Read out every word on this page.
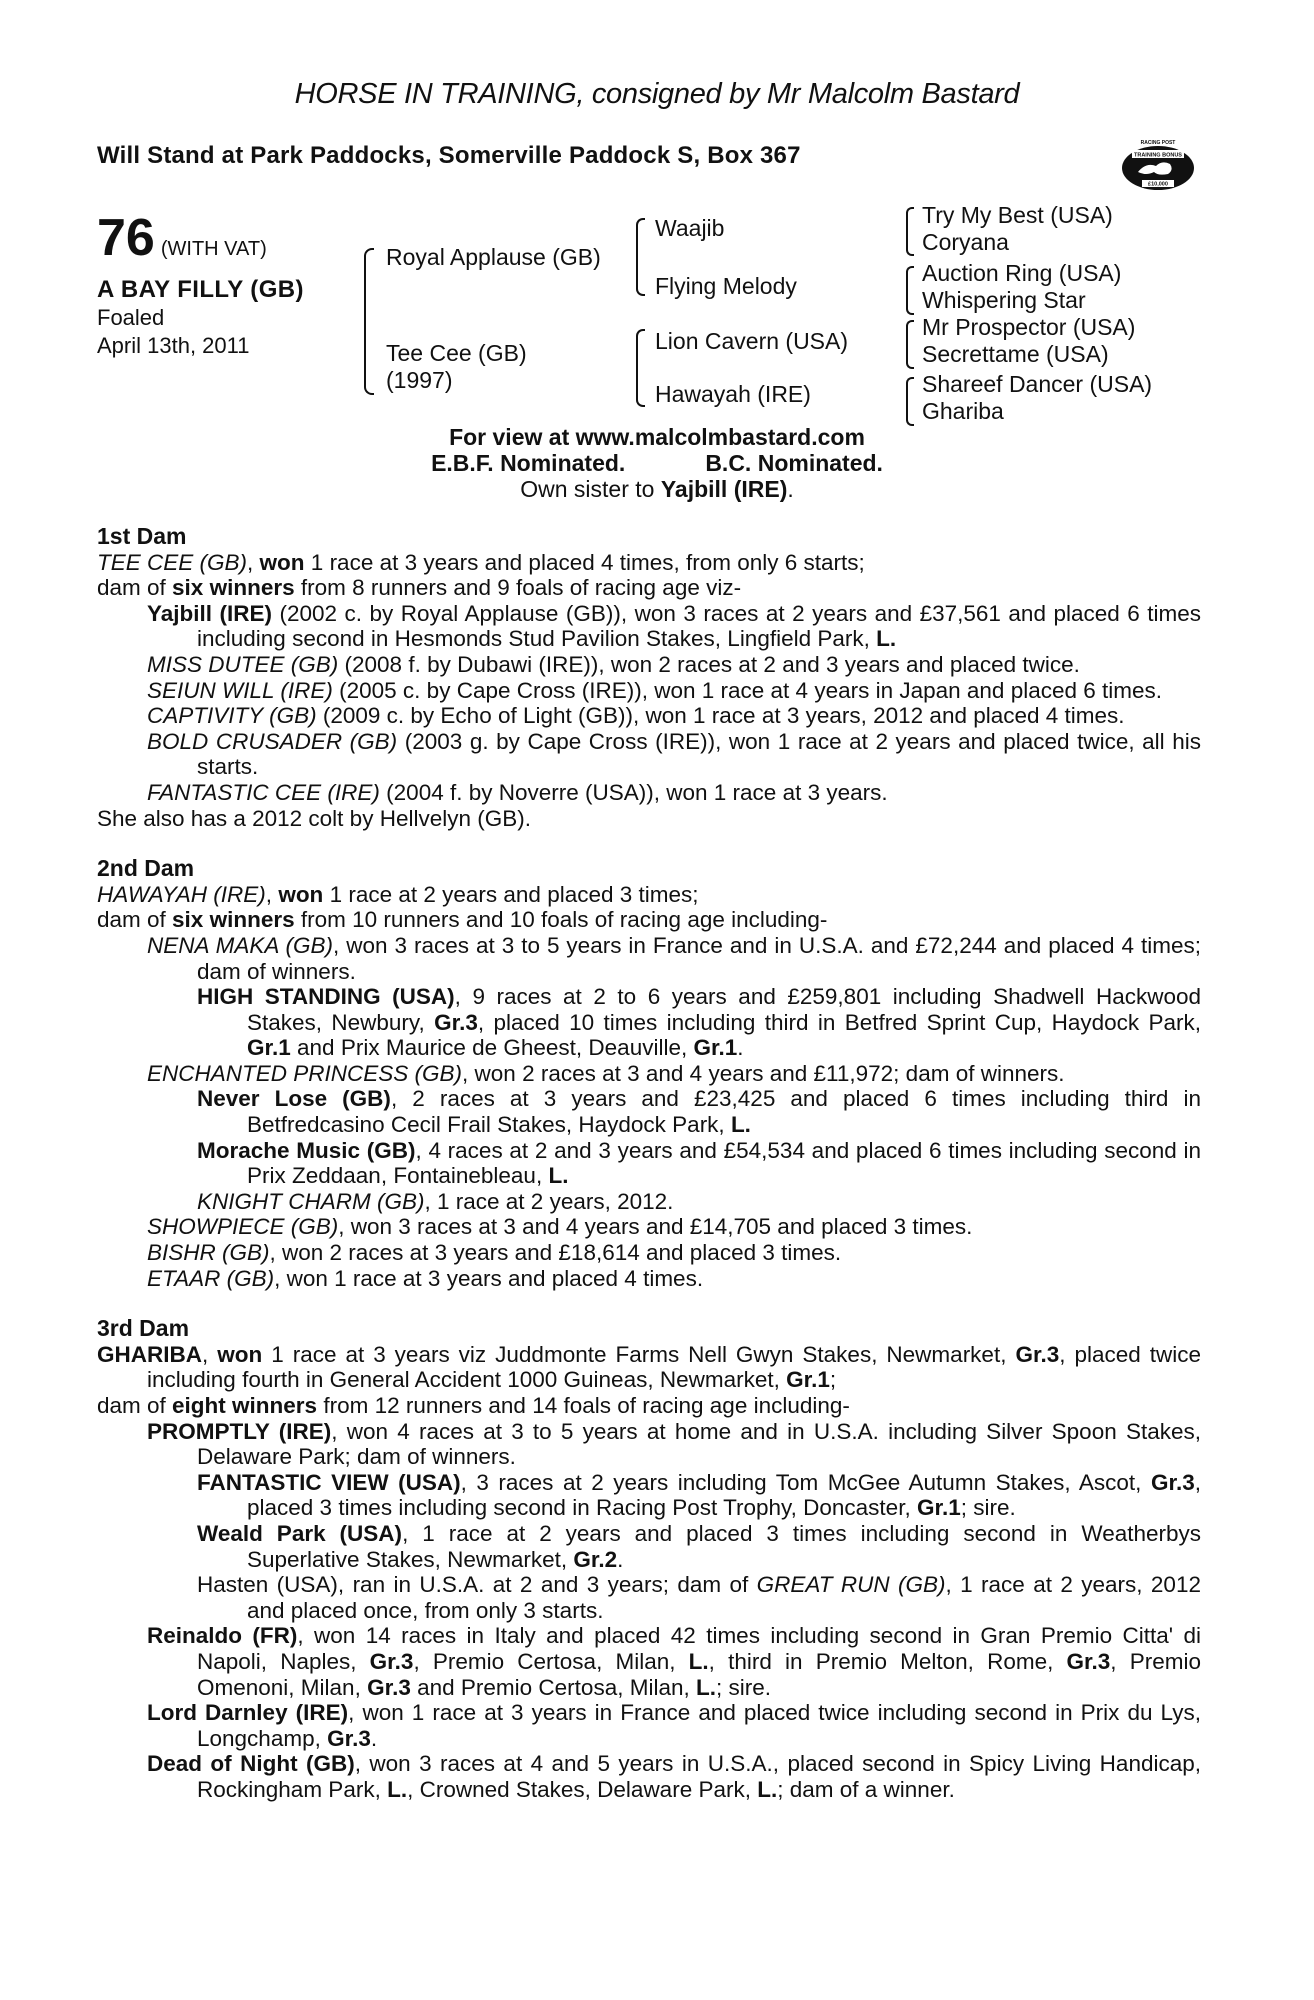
HORSE IN TRAINING, consigned by Mr Malcolm Bastard
Will Stand at Park Paddocks, Somerville Paddock S, Box 367	TRAINING BONUS
£10,000
RACING POST
76 (WITH VAT)
A BAY FILLY (GB)
Foaled
April 13th, 2011
Royal Applause (GB)
Tee Cee (GB)
(1997)
Waajib
Flying Melody
Lion Cavern (USA)
Hawayah (IRE)
Try My Best (USA)
Coryana
Auction Ring (USA)
Whispering Star
Mr Prospector (USA)
Secrettame (USA)
Shareef Dancer (USA)
Ghariba
For view at www.malcolmbastard.com
E.B.F. Nominated.	B.C. Nominated.
Own sister to Yajbill (IRE).
1st Dam

TEE CEE (GB), won 1 race at 3 years and placed 4 times, from only 6 starts;

dam of six winners from 8 runners and 9 foals of racing age viz-

Yajbill (IRE) (2002 c. by Royal Applause (GB)), won 3 races at 2 years and £37,561 and placed 6 times including second in Hesmonds Stud Pavilion Stakes, Lingfield Park, L.

MISS DUTEE (GB) (2008 f. by Dubawi (IRE)), won 2 races at 2 and 3 years and placed twice.

SEIUN WILL (IRE) (2005 c. by Cape Cross (IRE)), won 1 race at 4 years in Japan and placed 6 times.

CAPTIVITY (GB) (2009 c. by Echo of Light (GB)), won 1 race at 3 years, 2012 and placed 4 times.

BOLD CRUSADER (GB) (2003 g. by Cape Cross (IRE)), won 1 race at 2 years and placed twice, all his starts.

FANTASTIC CEE (IRE) (2004 f. by Noverre (USA)), won 1 race at 3 years.

She also has a 2012 colt by Hellvelyn (GB).

2nd Dam

HAWAYAH (IRE), won 1 race at 2 years and placed 3 times;

dam of six winners from 10 runners and 10 foals of racing age including-

NENA MAKA (GB), won 3 races at 3 to 5 years in France and in U.S.A. and £72,244 and placed 4 times; dam of winners.

HIGH STANDING (USA), 9 races at 2 to 6 years and £259,801 including Shadwell Hackwood Stakes, Newbury, Gr.3, placed 10 times including third in Betfred Sprint Cup, Haydock Park, Gr.1 and Prix Maurice de Gheest, Deauville, Gr.1.

ENCHANTED PRINCESS (GB), won 2 races at 3 and 4 years and £11,972; dam of winners.

Never Lose (GB), 2 races at 3 years and £23,425 and placed 6 times including third in Betfredcasino Cecil Frail Stakes, Haydock Park, L.

Morache Music (GB), 4 races at 2 and 3 years and £54,534 and placed 6 times including second in Prix Zeddaan, Fontainebleau, L.

KNIGHT CHARM (GB), 1 race at 2 years, 2012.

SHOWPIECE (GB), won 3 races at 3 and 4 years and £14,705 and placed 3 times.

BISHR (GB), won 2 races at 3 years and £18,614 and placed 3 times.

ETAAR (GB), won 1 race at 3 years and placed 4 times.

3rd Dam

GHARIBA, won 1 race at 3 years viz Juddmonte Farms Nell Gwyn Stakes, Newmarket, Gr.3, placed twice including fourth in General Accident 1000 Guineas, Newmarket, Gr.1;

dam of eight winners from 12 runners and 14 foals of racing age including-

PROMPTLY (IRE), won 4 races at 3 to 5 years at home and in U.S.A. including Silver Spoon Stakes, Delaware Park; dam of winners.

FANTASTIC VIEW (USA), 3 races at 2 years including Tom McGee Autumn Stakes, Ascot, Gr.3, placed 3 times including second in Racing Post Trophy, Doncaster, Gr.1; sire.

Weald Park (USA), 1 race at 2 years and placed 3 times including second in Weatherbys Superlative Stakes, Newmarket, Gr.2.

Hasten (USA), ran in U.S.A. at 2 and 3 years; dam of GREAT RUN (GB), 1 race at 2 years, 2012 and placed once, from only 3 starts.

Reinaldo (FR), won 14 races in Italy and placed 42 times including second in Gran Premio Citta' di Napoli, Naples, Gr.3, Premio Certosa, Milan, L., third in Premio Melton, Rome, Gr.3, Premio Omenoni, Milan, Gr.3 and Premio Certosa, Milan, L.; sire.

Lord Darnley (IRE), won 1 race at 3 years in France and placed twice including second in Prix du Lys, Longchamp, Gr.3.

Dead of Night (GB), won 3 races at 4 and 5 years in U.S.A., placed second in Spicy Living Handicap, Rockingham Park, L., Crowned Stakes, Delaware Park, L.; dam of a winner.
